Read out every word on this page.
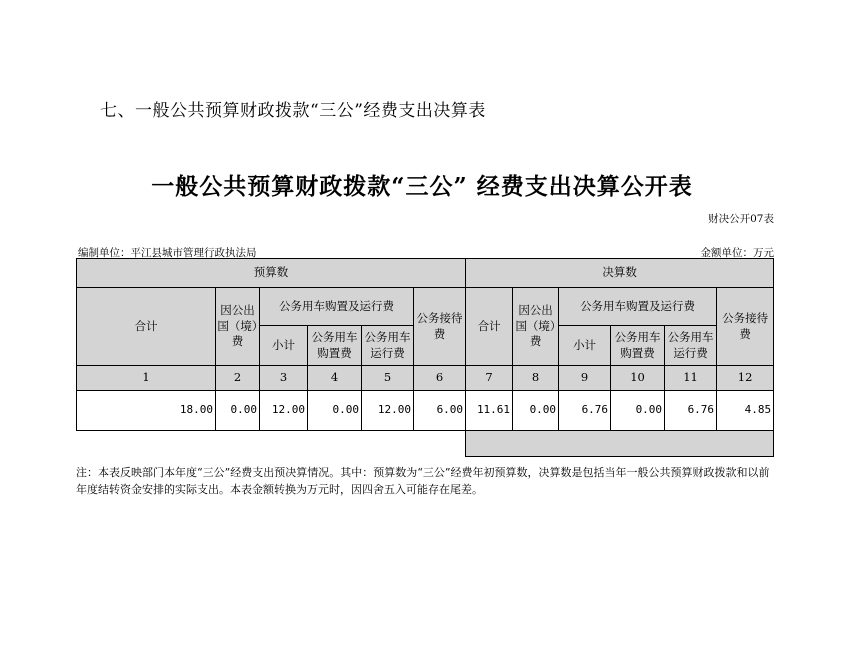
七、一般公共预算财政拨款“三公”经费支出决算表
一般公共预算财政拨款“三公” 经费支出决算公开表
财决公开07表
编制单位：平江县城市管理行政执法局	金额单位：万元
预算数						决算数					
合计	因公出国（境）费	公务用车购置及运行费			公务接待费	合计	因公出国（境）费	公务用车购置及运行费			公务接待费
		小计	公务用车购置费	公务用车运行费				小计	公务用车购置费	公务用车运行费	
1	2	3	4	5	6	7	8	9	10	11	12
18.00	0.00	12.00	0.00	12.00	6.00	11.61	0.00	6.76	0.00	6.76	4.85

注：本表反映部门本年度“三公”经费支出预决算情况。其中：预算数为“三公”经费年初预算数，决算数是包括当年一般公共预算财政拨款和以前年度结转资金安排的实际支出。本表金额转换为万元时，因四舍五入可能存在尾差。
